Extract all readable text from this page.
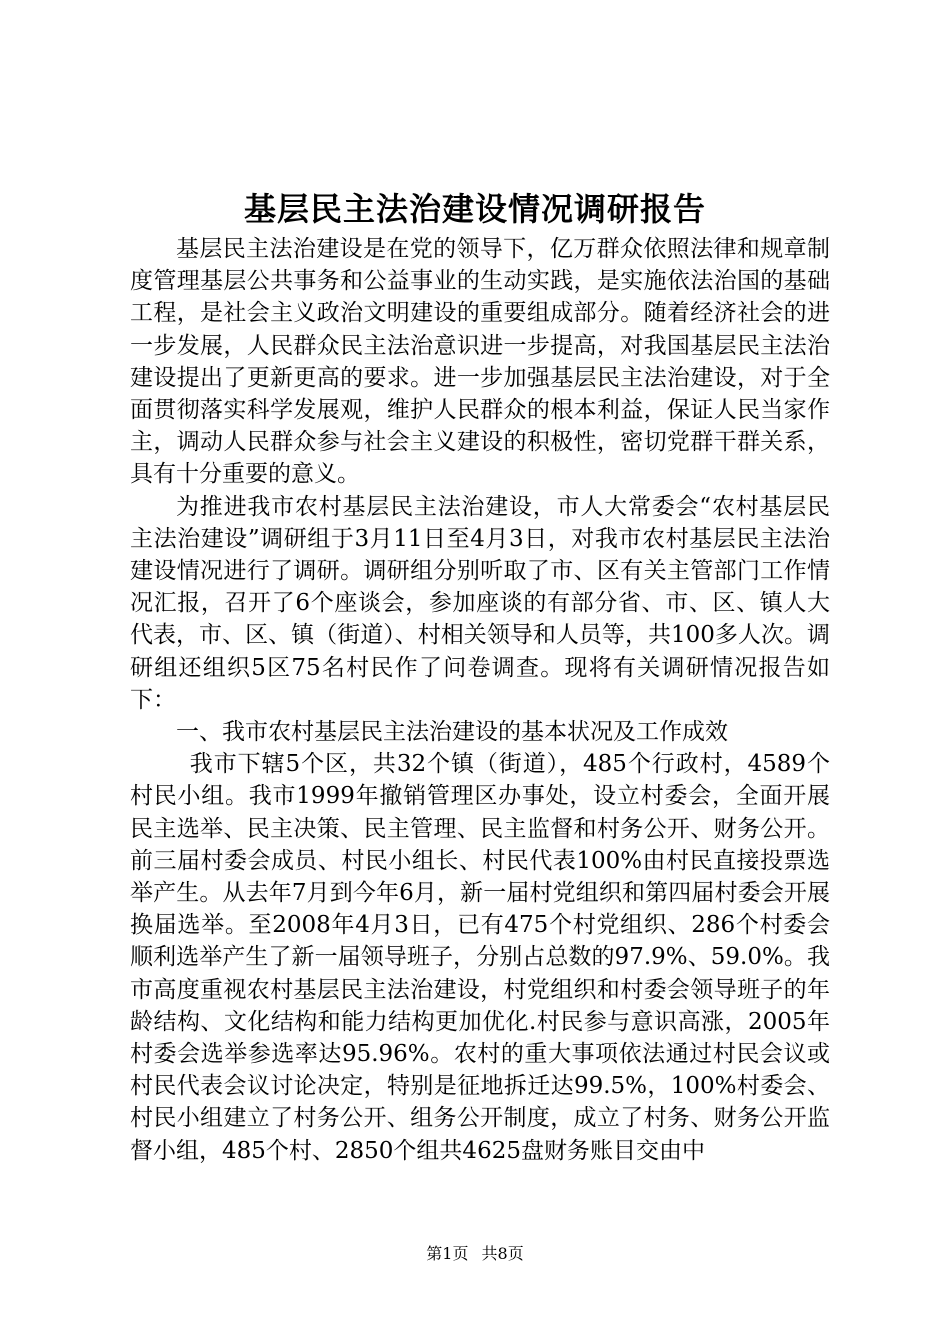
基层民主法治建设情况调研报告

基层民主法治建设是在党的领导下，亿万群众依照法律和规章制度管理基层公共事务和公益事业的生动实践，是实施依法治国的基础工程，是社会主义政治文明建设的重要组成部分。随着经济社会的进一步发展，人民群众民主法治意识进一步提高，对我国基层民主法治建设提出了更新更高的要求。进一步加强基层民主法治建设，对于全面贯彻落实科学发展观，维护人民群众的根本利益，保证人民当家作主，调动人民群众参与社会主义建设的积极性，密切党群干群关系，具有十分重要的意义。

为推进我市农村基层民主法治建设，市人大常委会“农村基层民主法治建设”调研组于3月11日至4月3日，对我市农村基层民主法治建设情况进行了调研。调研组分别听取了市、区有关主管部门工作情况汇报，召开了6个座谈会，参加座谈的有部分省、市、区、镇人大代表，市、区、镇（街道）、村相关领导和人员等，共100多人次。调研组还组织5区75名村民作了问卷调查。现将有关调研情况报告如下：

一、我市农村基层民主法治建设的基本状况及工作成效

我市下辖5个区，共32个镇（街道），485个行政村，4589个村民小组。我市1999年撤销管理区办事处，设立村委会，全面开展民主选举、民主决策、民主管理、民主监督和村务公开、财务公开。前三届村委会成员、村民小组长、村民代表100%由村民直接投票选举产生。从去年7月到今年6月，新一届村党组织和第四届村委会开展换届选举。至2008年4月3日，已有475个村党组织、286个村委会顺利选举产生了新一届领导班子，分别占总数的97.9%、59.0%。我市高度重视农村基层民主法治建设，村党组织和村委会领导班子的年龄结构、文化结构和能力结构更加优化.村民参与意识高涨，2005年村委会选举参选率达95.96%。农村的重大事项依法通过村民会议或村民代表会议讨论决定，特别是征地拆迁达99.5%，100%村委会、村民小组建立了村务公开、组务公开制度，成立了村务、财务公开监督小组，485个村、2850个组共4625盘财务账目交由中

第1页 共8页
